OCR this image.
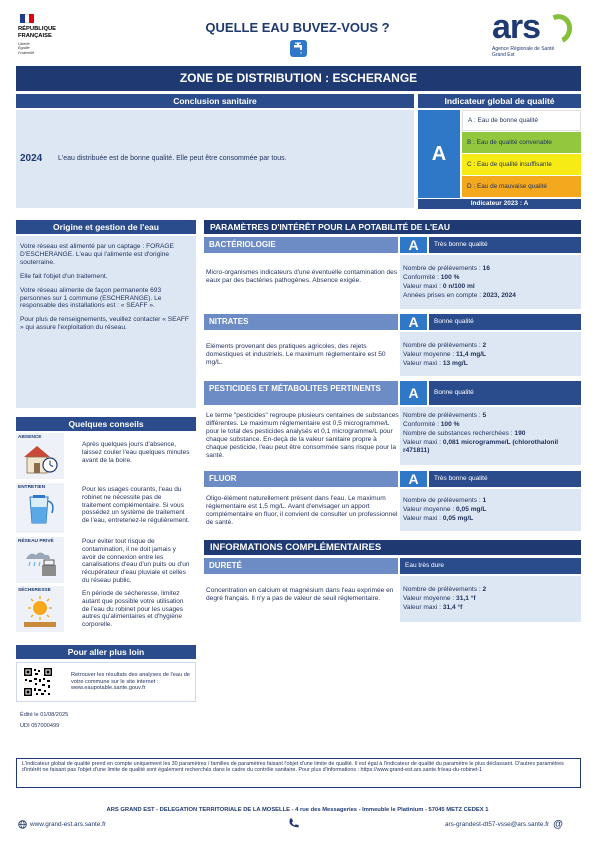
RÉPUBLIQUE
FRANÇAISE
Liberté
Égalité
Fraternité
QUELLE EAU BUVEZ-VOUS ?	ars
Agence Régionale de Santé
Grand Est
ZONE DE DISTRIBUTION : ESCHERANGE
Conclusion sanitaire
2024 L'eau distribuée est de bonne qualité. Elle peut être consommée par tous.
Indicateur global de qualité
A
A : Eau de bonne qualité
B : Eau de qualité convenable
C : Eau de qualité insuffisante
D : Eau de mauvaise qualité
Indicateur 2023 : A
Origine et gestion de l'eau

Votre réseau est alimenté par un captage : FORAGE D'ESCHERANGE. L'eau qui l'alimente est d'origine souterraine.

Elle fait l'objet d'un traitement.

Votre réseau alimente de façon permanente 693 personnes sur 1 commune (ESCHERANGE). Le responsable des installations est : « SEAFF ».

Pour plus de renseignements, veuillez contacter « SEAFF » qui assure l'exploitation du réseau.

Quelques conseils
ABSENCE
Après quelques jours d'absence, laissez couler l'eau quelques minutes avant de la boire.
ENTRETIEN	Pour les usages courants, l'eau du robinet ne nécessite pas de traitement complémentaire. Si vous possédez un système de traitement de l'eau, entretenez-le régulièrement.
RÉSEAU PRIVÉ	Pour éviter tout risque de contamination, il ne doit jamais y avoir de connexion entre les canalisations d'eau d'un puits ou d'un récupérateur d'eau pluviale et celles du réseau public.
SÉCHERESSE	En période de sécheresse, limitez autant que possible votre utilisation de l'eau du robinet pour les usages autres qu'alimentaires et d'hygiène corporelle.
Pour aller plus loin
Retrouver les résultats des analyses de l'eau de votre commune sur le site internet : www.eaupotable.sante.gouv.fr
Édité le 01/08/2025
UDI 057000499
PARAMÈTRES D'INTÉRÊT POUR LA POTABILITÉ DE L'EAU
BACTÉRIOLOGIE	A	Très bonne qualité
Micro-organismes indicateurs d'une éventuelle contamination des eaux par des bactéries pathogènes. Absence exigée.
Nombre de prélèvements : 16
Conformité : 100 %
Valeur maxi : 0 n/100 ml
Années prises en compte : 2023, 2024
NITRATES	A	Bonne qualité
Eléments provenant des pratiques agricoles, des rejets domestiques et industriels. Le maximum réglementaire est 50 mg/L.
Nombre de prélèvements : 2
Valeur moyenne : 11,4 mg/L
Valeur maxi : 13 mg/L
PESTICIDES ET MÉTABOLITES PERTINENTS	A	Bonne qualité
Le terme "pesticides" regroupe plusieurs centaines de substances différentes. Le maximum réglementaire est 0,5 microgramme/L pour le total des pesticides analysés et 0,1 microgramme/L pour chaque substance. En-deçà de la valeur sanitaire propre à chaque pesticide, l'eau peut être consommée sans risque pour la santé.
Nombre de prélèvements : 5
Conformité : 100 %
Nombre de substances recherchées : 190
Valeur maxi : 0,081 microgramme/L (chlorothalonil r471811)
FLUOR	A	Très bonne qualité
Oligo-élément naturellement présent dans l'eau. Le maximum réglementaire est 1,5 mg/L. Avant d'envisager un apport complémentaire en fluor, il convient de consulter un professionnel de santé.
Nombre de prélèvements : 1
Valeur moyenne : 0,05 mg/L
Valeur maxi : 0,05 mg/L
INFORMATIONS COMPLÉMENTAIRES
DURETÉ	Eau très dure
Concentration en calcium et magnésium dans l'eau exprimée en degré français. Il n'y a pas de valeur de seuil réglementaire.
Nombre de prélèvements : 2
Valeur moyenne : 31,1 °f
Valeur maxi : 31,4 °f
L'indicateur global de qualité prend en compte uniquement les 30 paramètres / familles de paramètres faisant l'objet d'une limite de qualité. Il est égal à l'indicateur de qualité du paramètre le plus déclassant. D'autres paramètres d'intérêt ne faisant pas l'objet d'une limite de qualité sont également recherchés dans le cadre du contrôle sanitaire. Pour plus d'informations : https://www.grand-est.ars.sante.fr/eau-du-robinet-1
ARS GRAND EST - DELEGATION TERRITORIALE DE LA MOSELLE - 4 rue des Messageries - Immeuble le Platinium - 57045 METZ CEDEX 1
www.grand-est.ars.sante.fr	ars-grandest-dt57-vsse@ars.sante.fr @
